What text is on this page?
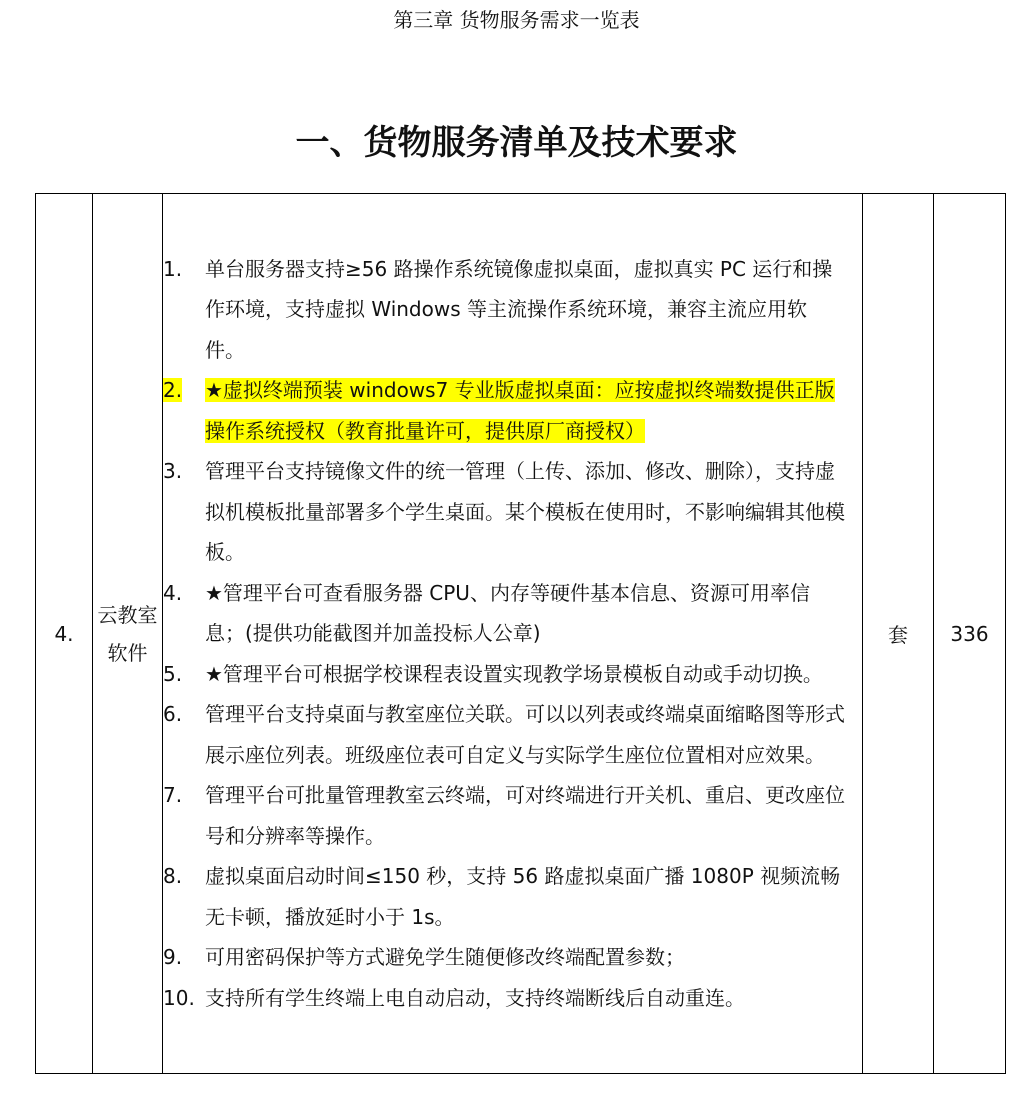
第三章 货物服务需求一览表
一、货物服务清单及技术要求
4.	云教室软件	
1.	单台服务器支持≥56 路操作系统镜像虚拟桌面，虚拟真实 PC 运行和操作环境，支持虚拟 Windows 等主流操作系统环境，兼容主流应用软件。
2.	★虚拟终端预装 windows7 专业版虚拟桌面：应按虚拟终端数提供正版操作系统授权（教育批量许可，提供原厂商授权）
3.	管理平台支持镜像文件的统一管理（上传、添加、修改、删除），支持虚拟机模板批量部署多个学生桌面。某个模板在使用时，不影响编辑其他模板。
4.	★管理平台可查看服务器 CPU、内存等硬件基本信息、资源可用率信息；(提供功能截图并加盖投标人公章)
5.	★管理平台可根据学校课程表设置实现教学场景模板自动或手动切换。
6.	管理平台支持桌面与教室座位关联。可以以列表或终端桌面缩略图等形式展示座位列表。班级座位表可自定义与实际学生座位位置相对应效果。
7.	管理平台可批量管理教室云终端，可对终端进行开关机、重启、更改座位号和分辨率等操作。
8.	虚拟桌面启动时间≤150 秒，支持 56 路虚拟桌面广播 1080P 视频流畅无卡顿，播放延时小于 1s。
9.	可用密码保护等方式避免学生随便修改终端配置参数；
10. 支持所有学生终端上电自动启动，支持终端断线后自动重连。
	套	336
